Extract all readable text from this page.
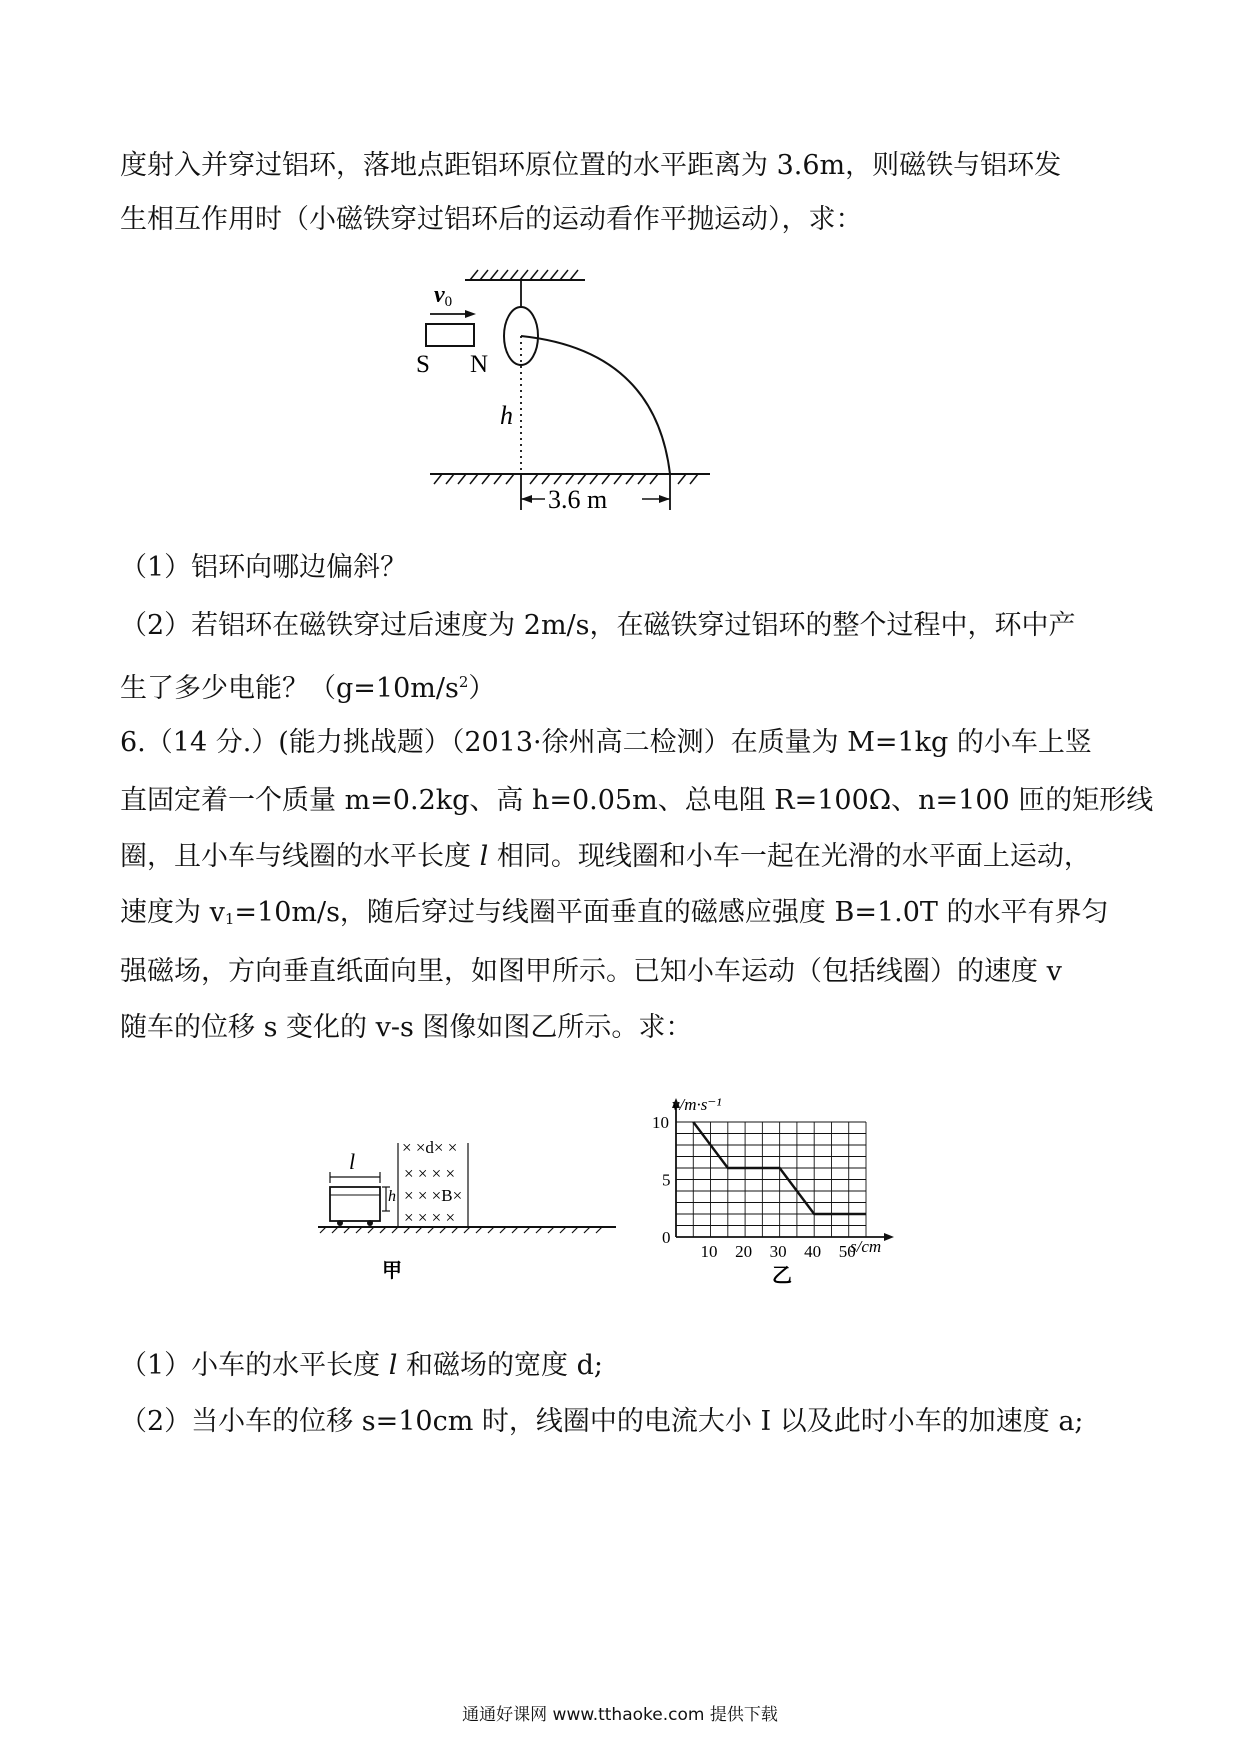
度射入并穿过铝环，落地点距铝环原位置的水平距离为 3.6m，则磁铁与铝环发
生相互作用时（小磁铁穿过铝环后的运动看作平抛运动），求：
v0
S N
h
3.6 m
（1）铝环向哪边偏斜？
（2）若铝环在磁铁穿过后速度为 2m/s，在磁铁穿过铝环的整个过程中，环中产
生了多少电能？$(g=10m/s^2)$
6.（14 分.）(能力挑战题）（2013·徐州高二检测）在质量为 M=1kg 的小车上竖
直固定着一个质量 m=0.2kg、高 h=0.05m、总电阻 R=100Ω、n=100 匝的矩形线
圈，且小车与线圈的水平长度 l 相同。现线圈和小车一起在光滑的水平面上运动，
速度为 v1=10m/s，随后穿过与线圈平面垂直的磁感应强度 B=1.0T 的水平有界匀
强磁场，方向垂直纸面向里，如图甲所示。已知小车运动（包括线圈）的速度 v
随车的位移 s 变化的 v-s 图像如图乙所示。求：
l
h
× ×d× ×
× × × ×
× × ×B×
× × × ×
甲
10 20 30 40 50
0
5
10
v/m·s⁻¹
s/cm
乙
（1）小车的水平长度 l 和磁场的宽度 d;
（2）当小车的位移 s=10cm 时，线圈中的电流大小 I 以及此时小车的加速度 a;
通通好课网 www.tthaoke.com 提供下载
